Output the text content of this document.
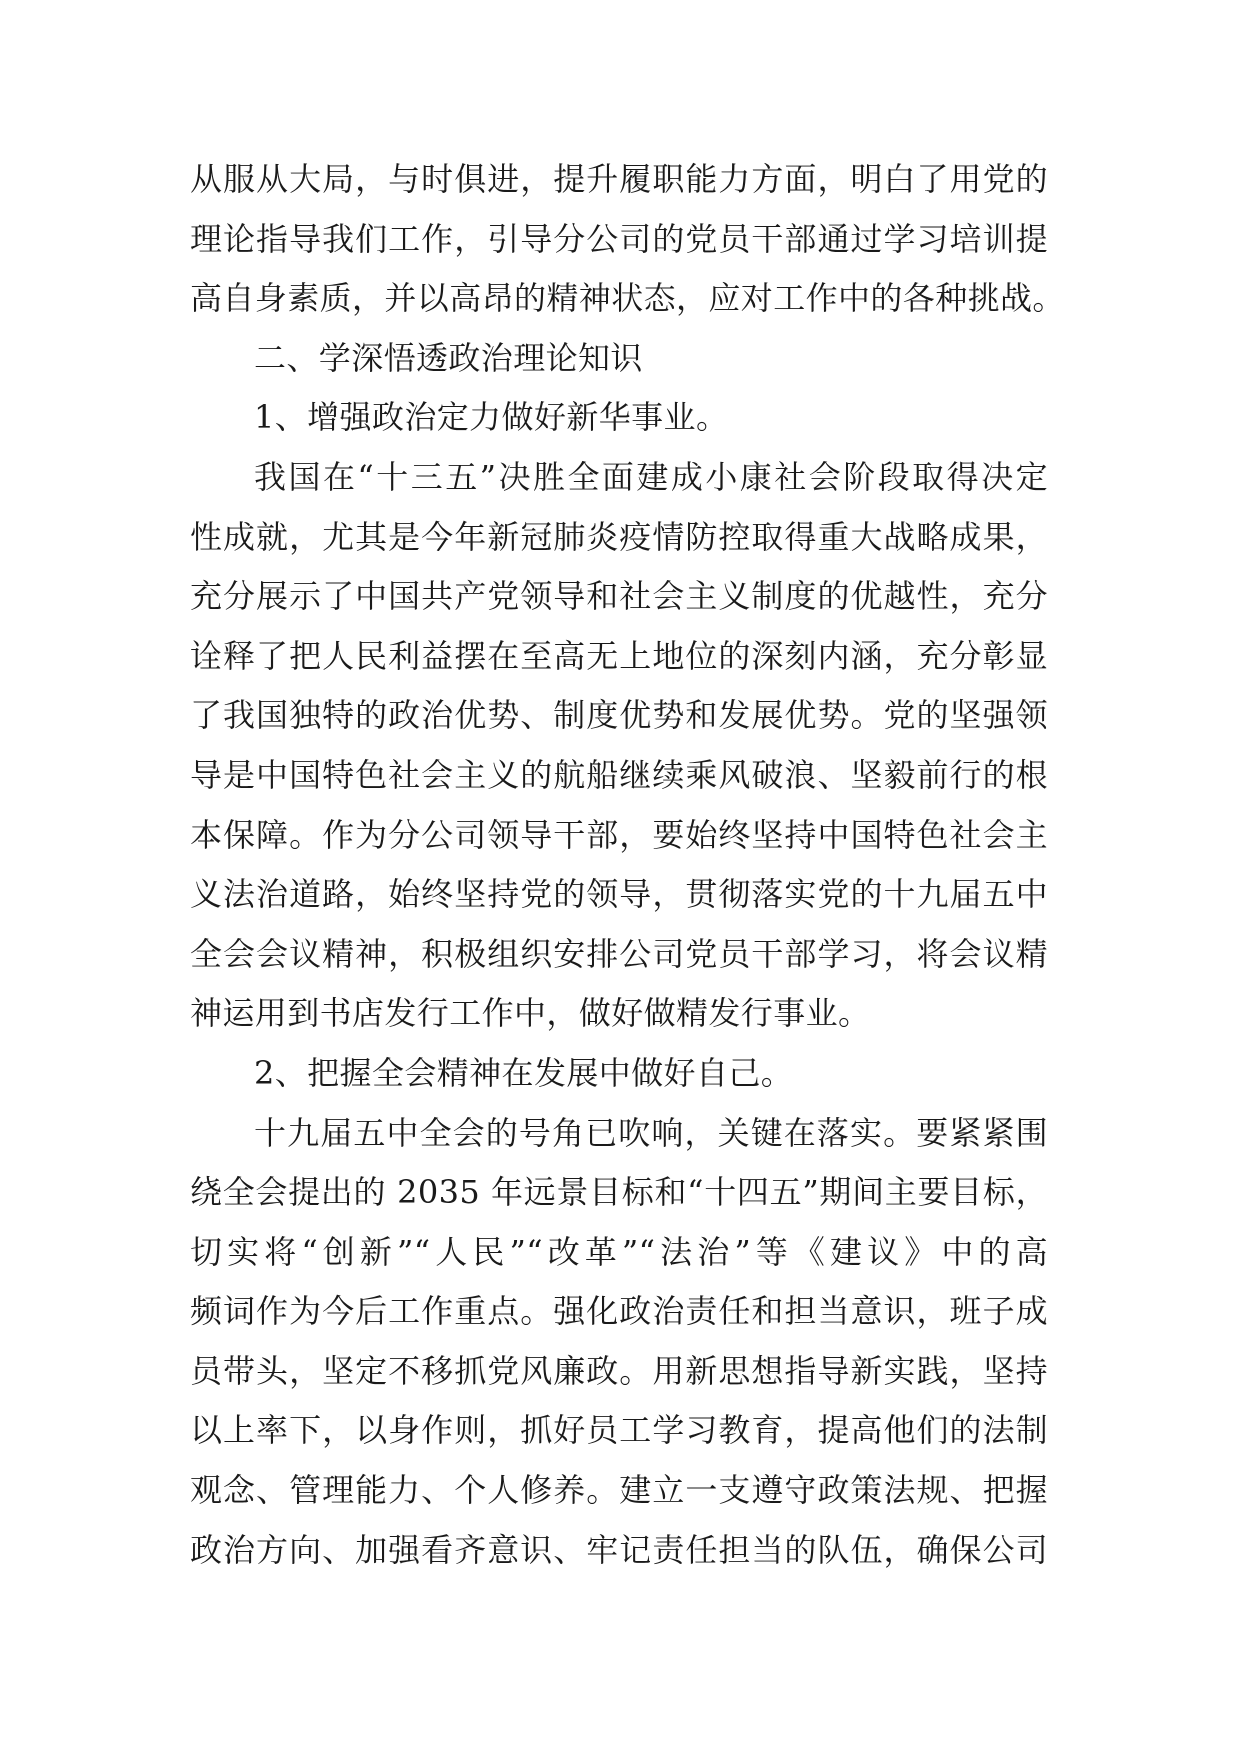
从服从大局，与时俱进，提升履职能力方面，明白了用党的
理论指导我们工作，引导分公司的党员干部通过学习培训提
高自身素质，并以高昂的精神状态，应对工作中的各种挑战。
二、学深悟透政治理论知识
1、增强政治定力做好新华事业。
我国在“十三五”决胜全面建成小康社会阶段取得决定
性成就，尤其是今年新冠肺炎疫情防控取得重大战略成果，
充分展示了中国共产党领导和社会主义制度的优越性，充分
诠释了把人民利益摆在至高无上地位的深刻内涵，充分彰显
了我国独特的政治优势、制度优势和发展优势。党的坚强领
导是中国特色社会主义的航船继续乘风破浪、坚毅前行的根
本保障。作为分公司领导干部，要始终坚持中国特色社会主
义法治道路，始终坚持党的领导，贯彻落实党的十九届五中
全会会议精神，积极组织安排公司党员干部学习，将会议精
神运用到书店发行工作中，做好做精发行事业。
2、把握全会精神在发展中做好自己。
十九届五中全会的号角已吹响，关键在落实。要紧紧围
绕全会提出的 2035 年远景目标和“十四五”期间主要目标，
切实将“创新”“人民”“改革”“法治”等《建议》中的高
频词作为今后工作重点。强化政治责任和担当意识，班子成
员带头，坚定不移抓党风廉政。用新思想指导新实践，坚持
以上率下，以身作则，抓好员工学习教育，提高他们的法制
观念、管理能力、个人修养。建立一支遵守政策法规、把握
政治方向、加强看齐意识、牢记责任担当的队伍，确保公司
